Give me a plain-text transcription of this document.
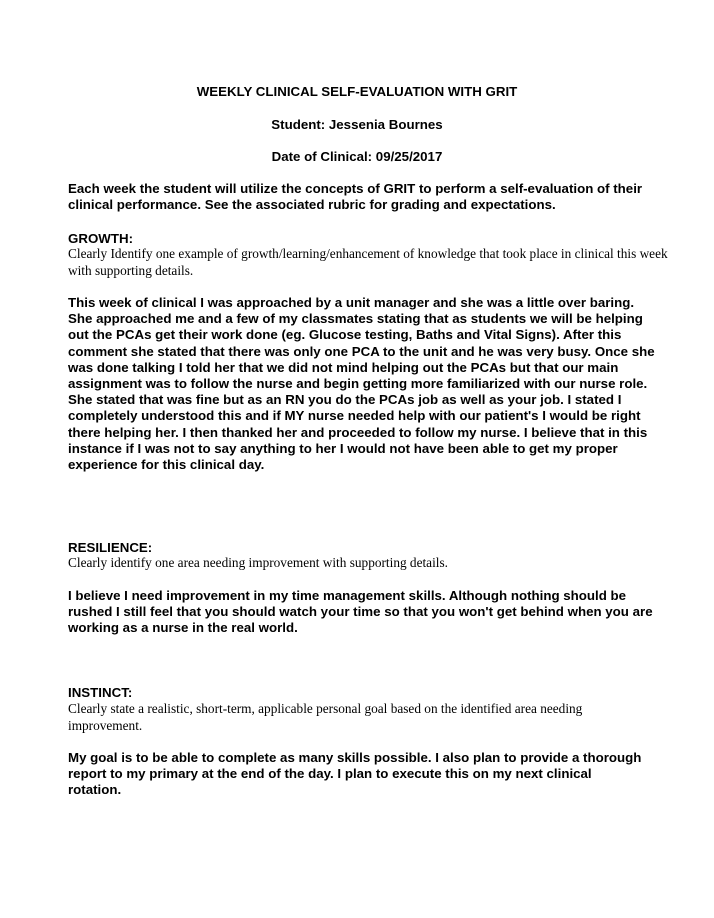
WEEKLY CLINICAL SELF-EVALUATION WITH GRIT
Student: Jessenia Bournes
Date of Clinical: 09/25/2017
Each week the student will utilize the concepts of GRIT to perform a self-evaluation of their clinical performance. See the associated rubric for grading and expectations.
GROWTH:
Clearly Identify one example of growth/learning/enhancement of knowledge that took place in clinical this week with supporting details.
This week of clinical I was approached by a unit manager and she was a little over baring. She approached me and a few of my classmates stating that as students we will be helping out the PCAs get their work done (eg. Glucose testing, Baths and Vital Signs). After this comment she stated that there was only one PCA to the unit and he was very busy. Once she was done talking I told her that we did not mind helping out the PCAs but that our main assignment was to follow the nurse and begin getting more familiarized with our nurse role. She stated that was fine but as an RN you do the PCAs job as well as your job. I stated I completely understood this and if MY nurse needed help with our patient's I would be right there helping her. I then thanked her and proceeded to follow my nurse. I believe that in this instance if I was not to say anything to her I would not have been able to get my proper experience for this clinical day.
RESILIENCE:
Clearly identify one area needing improvement with supporting details.
I believe I need improvement in my time management skills. Although nothing should be rushed I still feel that you should watch your time so that you won't get behind when you are working as a nurse in the real world.
INSTINCT:
Clearly state a realistic, short-term, applicable personal goal based on the identified area needing improvement.
My goal is to be able to complete as many skills possible. I also plan to provide a thorough report to my primary at the end of the day. I plan to execute this on my next clinical rotation.
